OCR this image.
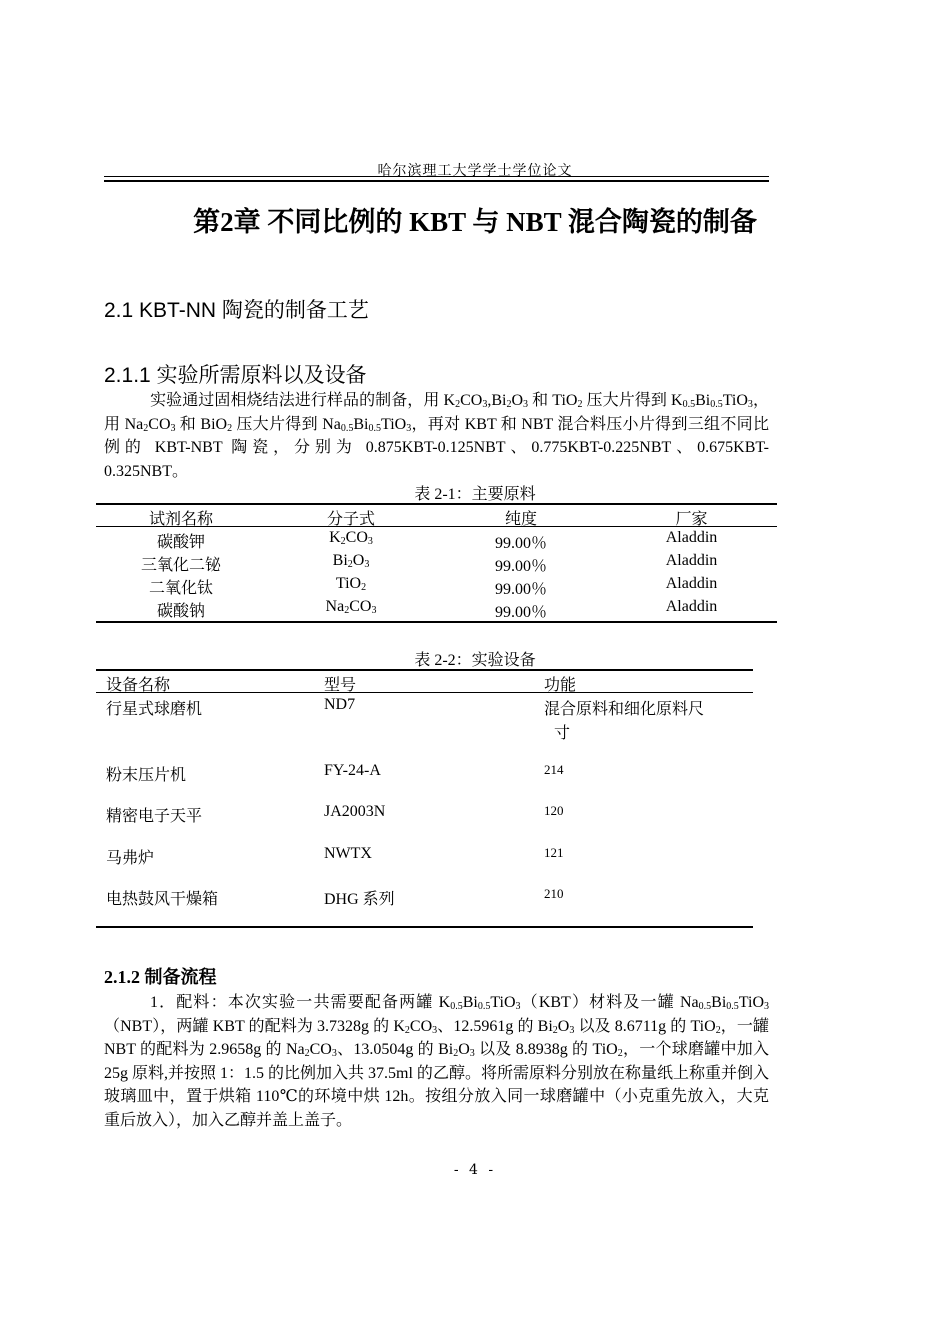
哈尔滨理工大学学士学位论文
第2章 不同比例的 KBT 与 NBT 混合陶瓷的制备
2.1 KBT-NN 陶瓷的制备工艺
2.1.1 实验所需原料以及设备
实验通过固相烧结法进行样品的制备，用 $K_2CO_3,Bi_2O_3$ 和 TiO$_2$ 压大片得到 $K_{0.5}Bi_{0.5}TiO_3$，用 $Na_2CO_3$ 和 BiO$_2$ 压大片得到 $Na_{0.5}Bi_{0.5}TiO_3$，再对 KBT 和 NBT 混合料压小片得到三组不同比例的 KBT-NBT 陶瓷，分别为 0.875KBT-0.125NBT、0.775KBT-0.225NBT、0.675KBT-0.325NBT。
表 2-1：主要原料
试剂名称	分子式	纯度	厂家
碳酸钾	$K_2CO_3$	99.00％	Aladdin
三氧化二铋	$Bi_2O_3$	99.00％	Aladdin
二氧化钛	TiO$_2$	99.00％	Aladdin
碳酸钠	$Na_2CO_3$	99.00％	Aladdin
表 2-2：实验设备
设备名称	型号	功能
行星式球磨机	ND7	混合原料和细化原料尺
寸
粉末压片机	FY-24-A	214
精密电子天平	JA2003N	120
马弗炉	NWTX	121
电热鼓风干燥箱	DHG 系列	210
2.1.2 制备流程
1．配料：本次实验一共需要配备两罐 $K_{0.5}Bi_{0.5}TiO_3(KBT)$材料及一罐 $Na_{0.5}Bi_{0.5}TiO_3(NBT)$，两罐 KBT 的配料为 3.7328g 的 $K_2CO_3$、12.5961g 的 $Bi_2O_3$ 以及 8.6711g 的 TiO$_2$，一罐 NBT 的配料为 2.9658g 的 $Na_2CO_3$、13.0504g 的 $Bi_2O_3$ 以及 8.8938g 的 TiO$_2$，一个球磨罐中加入 25g 原料,并按照 1：1.5 的比例加入共 37.5ml 的乙醇。将所需原料分别放在称量纸上称重并倒入玻璃皿中，置于烘箱 110℃的环境中烘 12h。按组分放入同一球磨罐中（小克重先放入，大克重后放入），加入乙醇并盖上盖子。
- 4 -
